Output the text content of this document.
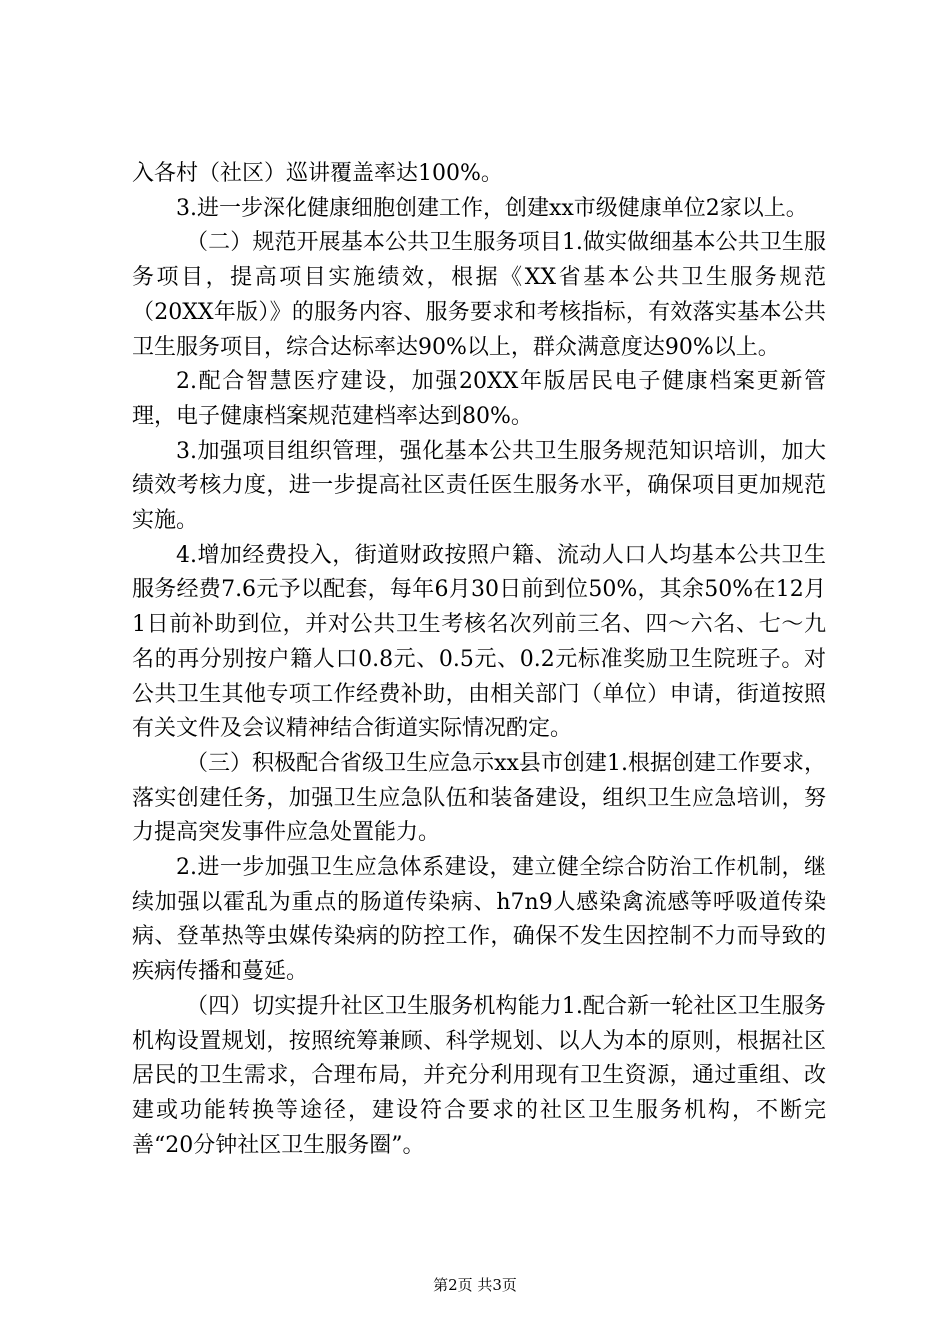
入各村（社区）巡讲覆盖率达100%。

3.进一步深化健康细胞创建工作，创建xx市级健康单位2家以上。

（二）规范开展基本公共卫生服务项目1.做实做细基本公共卫生服务项目，提高项目实施绩效，根据《XX省基本公共卫生服务规范（20XX年版）》的服务内容、服务要求和考核指标，有效落实基本公共卫生服务项目，综合达标率达90%以上，群众满意度达90%以上。

2.配合智慧医疗建设，加强20XX年版居民电子健康档案更新管理，电子健康档案规范建档率达到80%。

3.加强项目组织管理，强化基本公共卫生服务规范知识培训，加大绩效考核力度，进一步提高社区责任医生服务水平，确保项目更加规范实施。

4.增加经费投入，街道财政按照户籍、流动人口人均基本公共卫生服务经费7.6元予以配套，每年6月30日前到位50%，其余50%在12月1日前补助到位，并对公共卫生考核名次列前三名、四～六名、七～九名的再分别按户籍人口0.8元、0.5元、0.2元标准奖励卫生院班子。对公共卫生其他专项工作经费补助，由相关部门（单位）申请，街道按照有关文件及会议精神结合街道实际情况酌定。

（三）积极配合省级卫生应急示xx县市创建1.根据创建工作要求，落实创建任务，加强卫生应急队伍和装备建设，组织卫生应急培训，努力提高突发事件应急处置能力。

2.进一步加强卫生应急体系建设，建立健全综合防治工作机制，继续加强以霍乱为重点的肠道传染病、h7n9人感染禽流感等呼吸道传染病、登革热等虫媒传染病的防控工作，确保不发生因控制不力而导致的疾病传播和蔓延。

（四）切实提升社区卫生服务机构能力1.配合新一轮社区卫生服务机构设置规划，按照统筹兼顾、科学规划、以人为本的原则，根据社区居民的卫生需求，合理布局，并充分利用现有卫生资源，通过重组、改建或功能转换等途径，建设符合要求的社区卫生服务机构，不断完善“20分钟社区卫生服务圈”。

第2页 共3页
